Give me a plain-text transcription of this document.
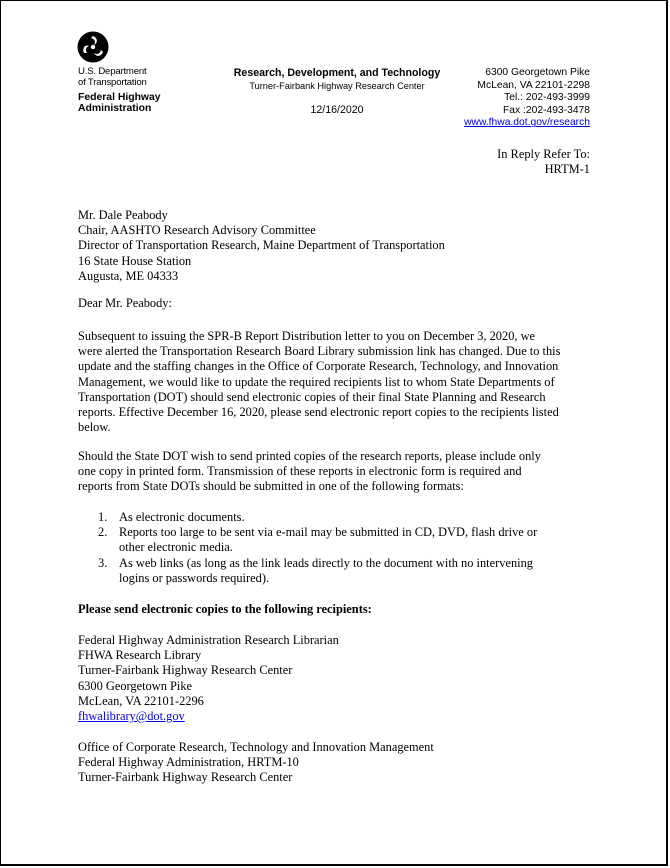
U.S. Department
of Transportation
Federal Highway
Administration
Research, Development, and Technology
Turner-Fairbank Highway Research Center
12/16/2020
6300 Georgetown Pike
McLean, VA 22101-2298
Tel.: 202-493-3999
Fax :202-493-3478
www.fhwa.dot.gov/research
In Reply Refer To:
HRTM-1
Mr. Dale Peabody
Chair, AASHTO Research Advisory Committee
Director of Transportation Research, Maine Department of Transportation
16 State House Station
Augusta, ME 04333
Dear Mr. Peabody:
Subsequent to issuing the SPR-B Report Distribution letter to you on December 3, 2020, we
were alerted the Transportation Research Board Library submission link has changed. Due to this
update and the staffing changes in the Office of Corporate Research, Technology, and Innovation
Management, we would like to update the required recipients list to whom State Departments of
Transportation (DOT) should send electronic copies of their final State Planning and Research
reports. Effective December 16, 2020, please send electronic report copies to the recipients listed
below.
Should the State DOT wish to send printed copies of the research reports, please include only
one copy in printed form. Transmission of these reports in electronic form is required and
reports from State DOTs should be submitted in one of the following formats:
1. As electronic documents.
2. Reports too large to be sent via e-mail may be submitted in CD, DVD, flash drive or
other electronic media.
3. As web links (as long as the link leads directly to the document with no intervening
logins or passwords required).
Please send electronic copies to the following recipients:
Federal Highway Administration Research Librarian
FHWA Research Library
Turner-Fairbank Highway Research Center
6300 Georgetown Pike
McLean, VA 22101-2296
fhwalibrary@dot.gov
Office of Corporate Research, Technology and Innovation Management
Federal Highway Administration, HRTM-10
Turner-Fairbank Highway Research Center
